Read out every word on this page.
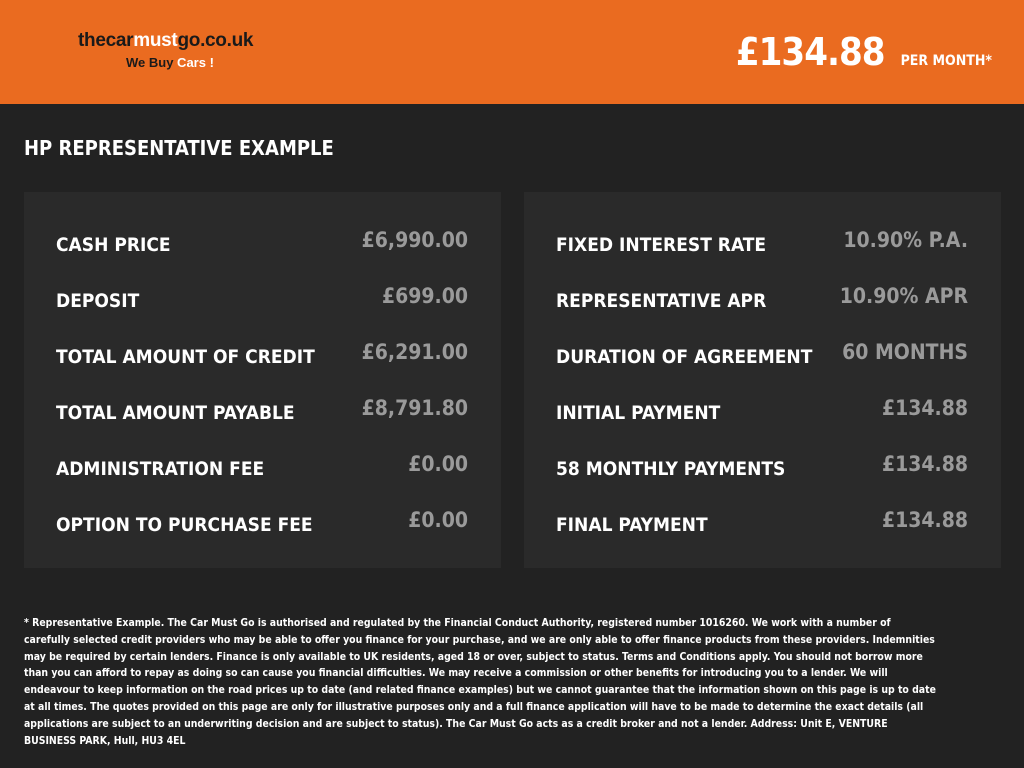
thecarmustgo.co.uk
We Buy Cars !	£134.88 PER MONTH*
HP REPRESENTATIVE EXAMPLE
CASH PRICE	£6,990.00
DEPOSIT	£699.00
TOTAL AMOUNT OF CREDIT £6,291.00
TOTAL AMOUNT PAYABLE	£8,791.80
ADMINISTRATION FEE	£0.00
OPTION TO PURCHASE FEE	£0.00
FIXED INTEREST RATE	10.90% P.A.
REPRESENTATIVE APR	10.90% APR
DURATION OF AGREEMENT 60 MONTHS
INITIAL PAYMENT	£134.88
58 MONTHLY PAYMENTS	£134.88
FINAL PAYMENT	£134.88
* Representative Example. The Car Must Go is authorised and regulated by the Financial Conduct Authority, registered number 1016260. We work with a number of carefully selected credit providers who may be able to offer you finance for your purchase, and we are only able to offer finance products from these providers. Indemnities may be required by certain lenders. Finance is only available to UK residents, aged 18 or over, subject to status. Terms and Conditions apply. You should not borrow more than you can afford to repay as doing so can cause you financial difficulties. We may receive a commission or other benefits for introducing you to a lender. We will endeavour to keep information on the road prices up to date (and related finance examples) but we cannot guarantee that the information shown on this page is up to date at all times. The quotes provided on this page are only for illustrative purposes only and a full finance application will have to be made to determine the exact details (all applications are subject to an underwriting decision and are subject to status). The Car Must Go acts as a credit broker and not a lender. Address: Unit E, VENTURE BUSINESS PARK, Hull, HU3 4EL
